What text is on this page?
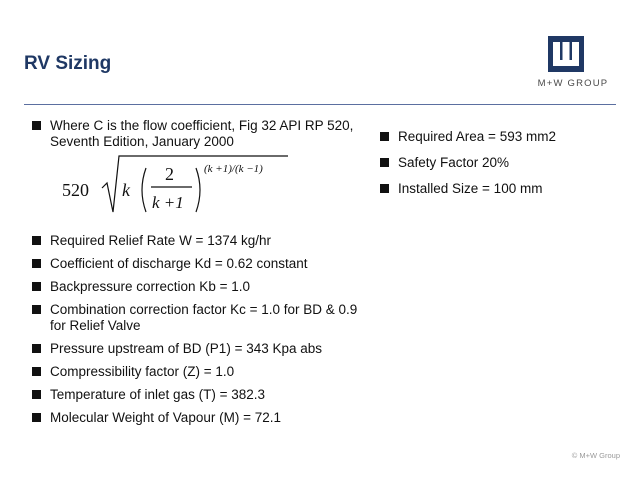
RV Sizing
M+W GROUP
Where C is the flow coefficient, Fig 32 API RP 520, Seventh Edition, January 2000
520 k
2
k +1
(k +1)/(k −1)
Required Relief Rate W = 1374 kg/hr
Coefficient of discharge Kd = 0.62 constant
Backpressure correction Kb = 1.0
Combination correction factor Kc = 1.0 for BD & 0.9 for Relief Valve
Pressure upstream of BD (P1) = 343 Kpa abs
Compressibility factor (Z) = 1.0
Temperature of inlet gas (T) = 382.3
Molecular Weight of Vapour (M) = 72.1
Required Area = 593 mm2
Safety Factor 20%
Installed Size = 100 mm
© M+W Group
